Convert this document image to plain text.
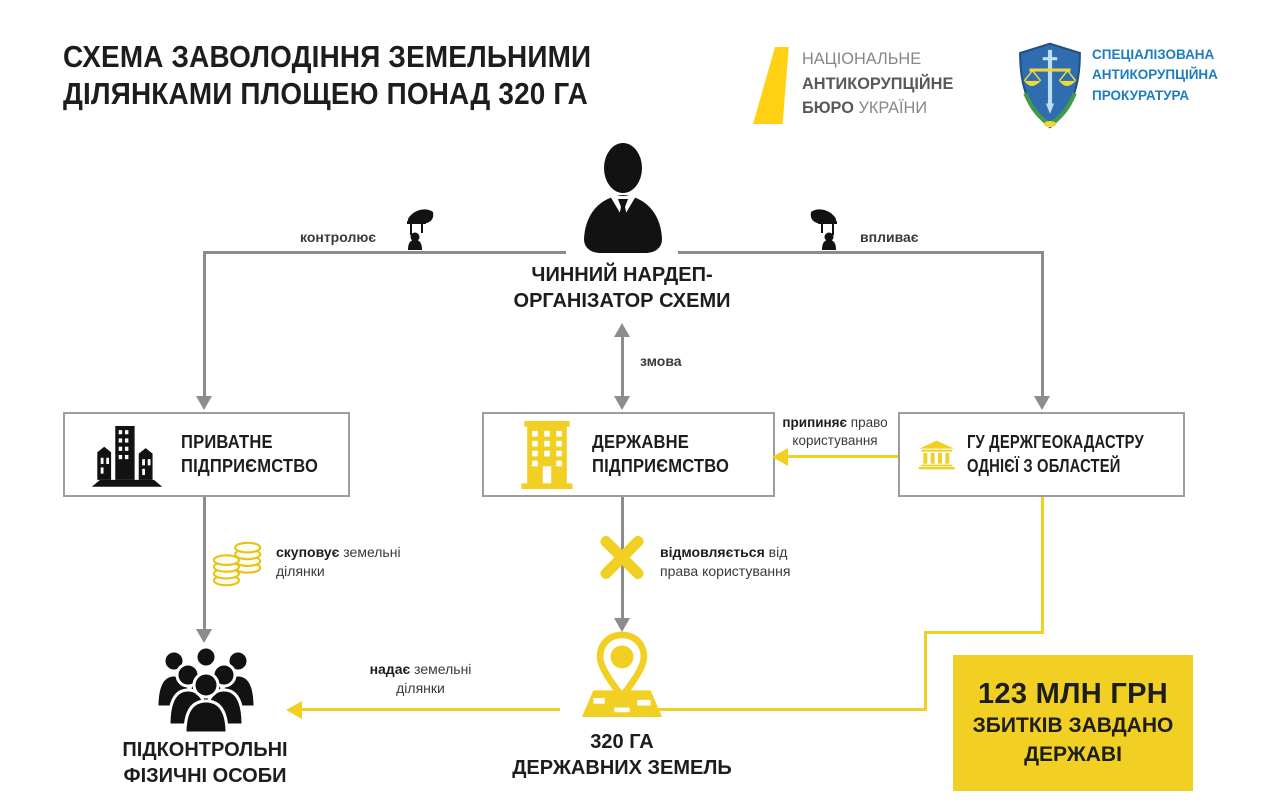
СХЕМА ЗАВОЛОДІННЯ ЗЕМЕЛЬНИМИ
ДІЛЯНКАМИ ПЛОЩЕЮ ПОНАД 320 ГА
НАЦІОНАЛЬНЕ
АНТИКОРУПЦІЙНЕ
БЮРО УКРАЇНИ
СПЕЦІАЛІЗОВАНА
АНТИКОРУПЦІЙНА
ПРОКУРАТУРА
ЧИННИЙ НАРДЕП-
ОРГАНІЗАТОР СХЕМИ
змова
контролює	впливає
ПРИВАТНЕ
ПІДПРИЄМСТВО
ДЕРЖАВНЕ
ПІДПРИЄМСТВО
ГУ ДЕРЖГЕОКАДАСТРУ
ОДНІЄЇ З ОБЛАСТЕЙ
припиняє право
користування
скуповує земельні
ділянки
відмовляється від
права користування
320 ГА
ДЕРЖАВНИХ ЗЕМЕЛЬ
надає земельні
ділянки
ПІДКОНТРОЛЬНІ
ФІЗИЧНІ ОСОБИ
123 МЛН ГРН
ЗБИТКІВ ЗАВДАНО
ДЕРЖАВІ
